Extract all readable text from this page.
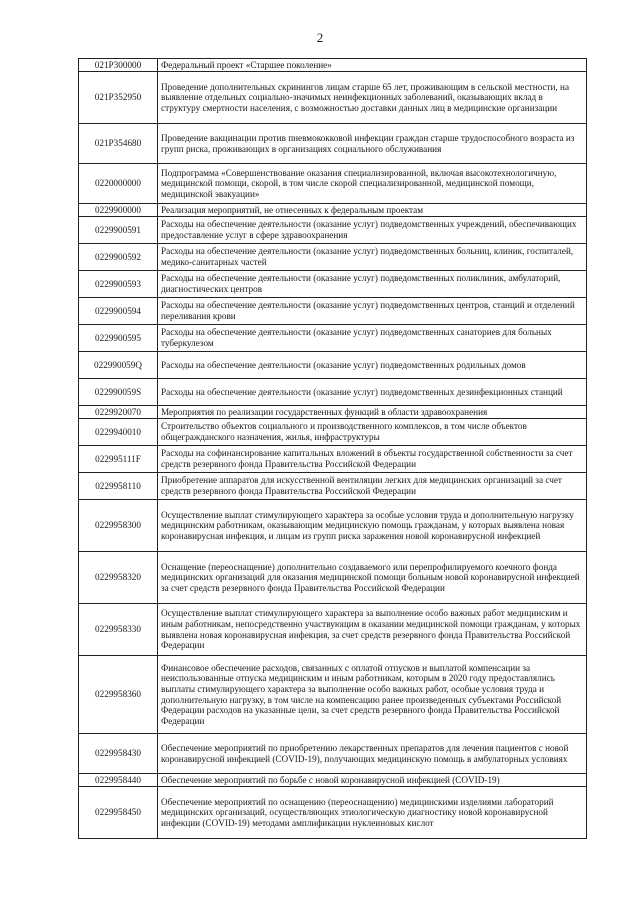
2
021P300000	Федеральный проект «Старшее поколение»
021P352950	Проведение дополнительных скринингов лицам старше 65 лет, проживающим в сельской местности, на выявление отдельных социально-значимых неинфекционных заболеваний, оказывающих вклад в структуру смертности населения, с возможностью доставки данных лиц в медицинские организации
021P354680	Проведение вакцинации против пневмококковой инфекции граждан старше трудоспособного возраста из групп риска, проживающих в организациях социального обслуживания
0220000000	Подпрограмма «Совершенствование оказания специализированной, включая высокотехнологичную, медицинской помощи, скорой, в том числе скорой специализированной, медицинской помощи, медицинской эвакуации»
0229900000	Реализация мероприятий, не отнесенных к федеральным проектам
0229900591	Расходы на обеспечение деятельности (оказание услуг) подведомственных учреждений, обеспечивающих предоставление услуг в сфере здравоохранения
0229900592	Расходы на обеспечение деятельности (оказание услуг) подведомственных больниц, клиник, госпиталей, медико-санитарных частей
0229900593	Расходы на обеспечение деятельности (оказание услуг) подведомственных поликлиник, амбулаторий, диагностических центров
0229900594	Расходы на обеспечение деятельности (оказание услуг) подведомственных центров, станций и отделений переливания крови
0229900595	Расходы на обеспечение деятельности (оказание услуг) подведомственных санаториев для больных туберкулезом
022990059Q	Расходы на обеспечение деятельности (оказание услуг) подведомственных родильных домов
022990059S	Расходы на обеспечение деятельности (оказание услуг) подведомственных дезинфекционных станций
0229920070	Мероприятия по реализации государственных функций в области здравоохранения
0229940010	Строительство объектов социального и производственного комплексов, в том числе объектов общегражданского назначения, жилья, инфраструктуры
022995111F	Расходы на софинансирование капитальных вложений в объекты государственной собственности за счет средств резервного фонда Правительства Российской Федерации
0229958110	Приобретение аппаратов для искусственной вентиляции легких для медицинских организаций за счет средств резервного фонда Правительства Российской Федерации
0229958300	Осуществление выплат стимулирующего характера за особые условия труда и дополнительную нагрузку медицинским работникам, оказывающим медицинскую помощь гражданам, у которых выявлена новая коронавирусная инфекция, и лицам из групп риска заражения новой коронавирусной инфекцией
0229958320	Оснащение (переоснащение) дополнительно создаваемого или перепрофилируемого коечного фонда медицинских организаций для оказания медицинской помощи больным новой коронавирусной инфекцией за счет средств резервного фонда Правительства Российской Федерации
0229958330	Осуществление выплат стимулирующего характера за выполнение особо важных работ медицинским и иным работникам, непосредственно участвующим в оказании медицинской помощи гражданам, у которых выявлена новая коронавирусная инфекция, за счет средств резервного фонда Правительства Российской Федерации
0229958360	Финансовое обеспечение расходов, связанных с оплатой отпусков и выплатой компенсации за неиспользованные отпуска медицинским и иным работникам, которым в 2020 году предоставлялись выплаты стимулирующего характера за выполнение особо важных работ, особые условия труда и дополнительную нагрузку, в том числе на компенсацию ранее произведенных субъектами Российской Федерации расходов на указанные цели, за счет средств резервного фонда Правительства Российской Федерации
0229958430	Обеспечение мероприятий по приобретению лекарственных препаратов для лечения пациентов с новой коронавирусной инфекцией (COVID-19), получающих медицинскую помощь в амбулаторных условиях
0229958440	Обеспечение мероприятий по борьбе с новой коронавирусной инфекцией (COVID-19)
0229958450	Обеспечение мероприятий по оснащению (переоснащению) медицинскими изделиями лабораторий медицинских организаций, осуществляющих этиологическую диагностику новой коронавирусной инфекции (COVID-19) методами амплификации нуклеиновых кислот
